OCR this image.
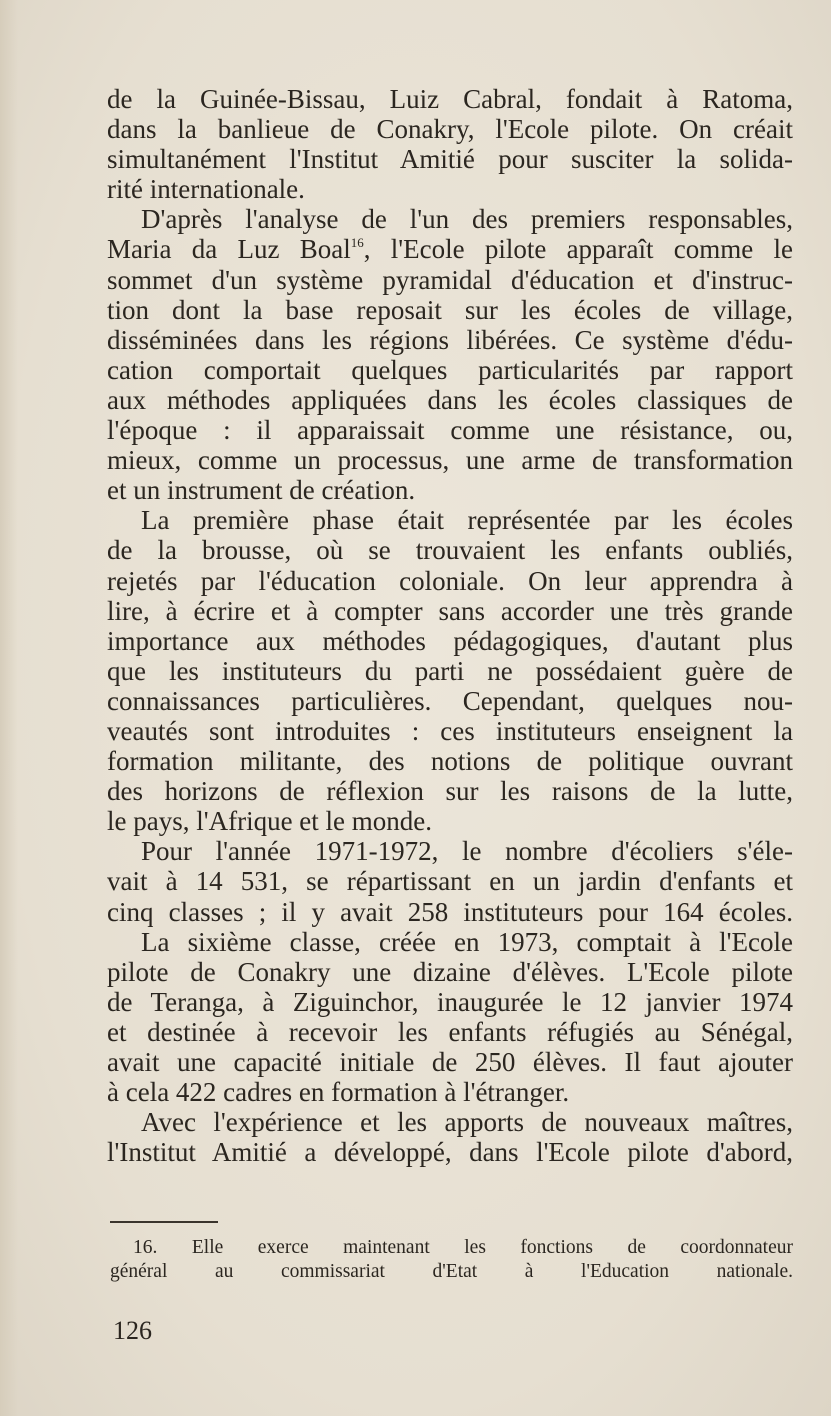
de la Guinée-Bissau, Luiz Cabral, fondait à Ratoma,
dans la banlieue de Conakry, l'Ecole pilote. On créait
simultanément l'Institut Amitié pour susciter la solida-
rité internationale.
D'après l'analyse de l'un des premiers responsables,
Maria da Luz Boal$^{16}$, l'Ecole pilote apparaît comme le
sommet d'un système pyramidal d'éducation et d'instruc-
tion dont la base reposait sur les écoles de village,
disséminées dans les régions libérées. Ce système d'édu-
cation comportait quelques particularités par rapport
aux méthodes appliquées dans les écoles classiques de
l'époque : il apparaissait comme une résistance, ou,
mieux, comme un processus, une arme de transformation
et un instrument de création.
La première phase était représentée par les écoles
de la brousse, où se trouvaient les enfants oubliés,
rejetés par l'éducation coloniale. On leur apprendra à
lire, à écrire et à compter sans accorder une très grande
importance aux méthodes pédagogiques, d'autant plus
que les instituteurs du parti ne possédaient guère de
connaissances particulières. Cependant, quelques nou-
veautés sont introduites : ces instituteurs enseignent la
formation militante, des notions de politique ouvrant
des horizons de réflexion sur les raisons de la lutte,
le pays, l'Afrique et le monde.
Pour l'année 1971-1972, le nombre d'écoliers s'éle-
vait à 14 531, se répartissant en un jardin d'enfants et
cinq classes ; il y avait 258 instituteurs pour 164 écoles.
La sixième classe, créée en 1973, comptait à l'Ecole
pilote de Conakry une dizaine d'élèves. L'Ecole pilote
de Teranga, à Ziguinchor, inaugurée le 12 janvier 1974
et destinée à recevoir les enfants réfugiés au Sénégal,
avait une capacité initiale de 250 élèves. Il faut ajouter
à cela 422 cadres en formation à l'étranger.
Avec l'expérience et les apports de nouveaux maîtres,
l'Institut Amitié a développé, dans l'Ecole pilote d'abord,
16. Elle exerce maintenant les fonctions de coordonnateur
général au commissariat d'Etat à l'Education nationale.
126
